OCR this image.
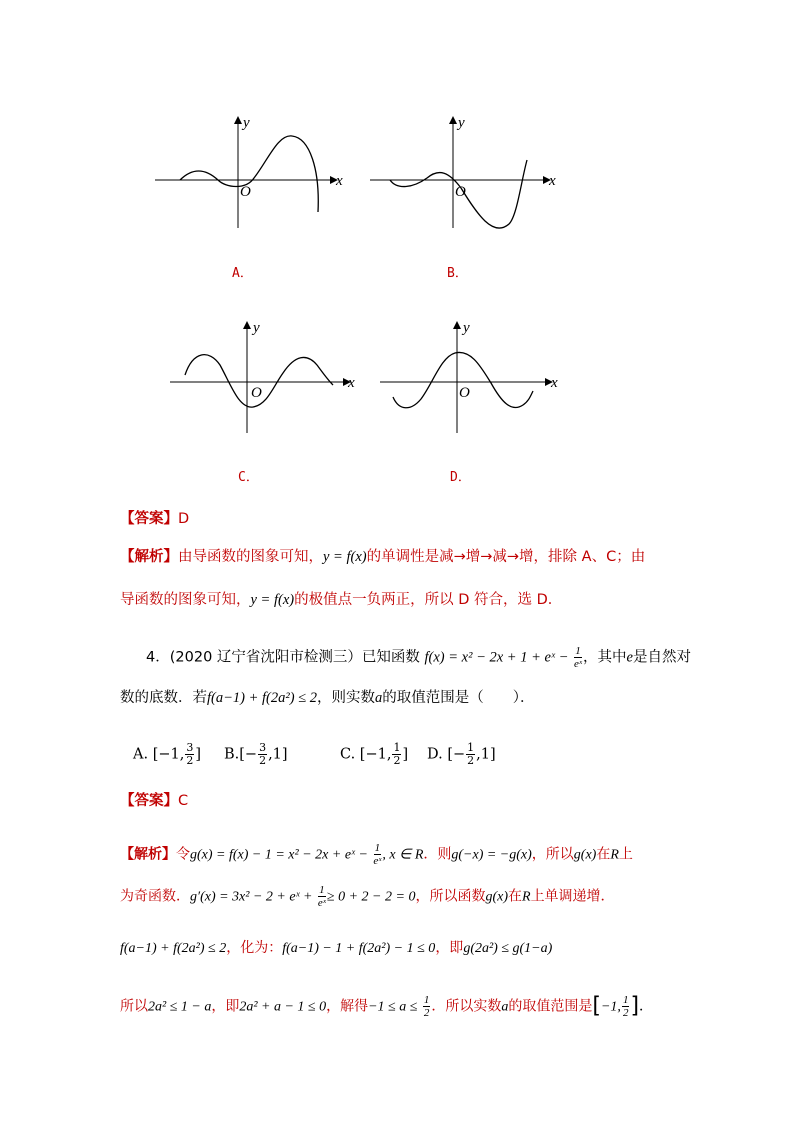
y
x
O
A．
y
x
O
B．
y
x
O
C．
y
x
O
D．
【答案】D
【解析】由导函数的图象可知，y = f(x)的单调性是减→增→减→增，排除 A、C；由
导函数的图象可知，y = f(x)的极值点一负两正，所以 D 符合，选 D．
4．(2020 辽宁省沈阳市检测三）已知函数 f(x) = x² − 2x + 1 + eˣ − $\frac{1}{\text{eˣ}}$ ，其中e是自然对
数的底数．若f(a−1) + f(2a²) ≤ 2，则实数a的取值范围是（　　）．
A. [−1, $\frac{3}{2}$ ] $B.[- \frac{3}{2} ,1]$	C. [−1, $\frac{1}{2}$ ] D. [− $\frac{1}{2} ,1$]
【答案】C
【解析】令g(x) = f(x) − 1 = x² − 2x + eˣ − $\frac{1}{\text{eˣ}}$ , x ∈ R．则g(−x) = −g(x)，所以g(x)在R上
为奇函数．g′(x) = 3x² − 2 + eˣ + $\frac{1}{\text{eˣ}} \ge 0 + 2 - 2 = 0$，所以函数g(x)在R上单调递增．
f(a−1) + f(2a²) ≤ 2，化为：f(a−1) − 1 + f(2a²) − 1 ≤ 0，即g(2a²) ≤ g(1−a)
所以2a² ≤ 1 − a，即2a² + a − 1 ≤ 0，解得$-1 \le a \le \frac{1}{2}$ ．所以实数a的取值范围是[−1, $\frac{1}{2}$ ]．
